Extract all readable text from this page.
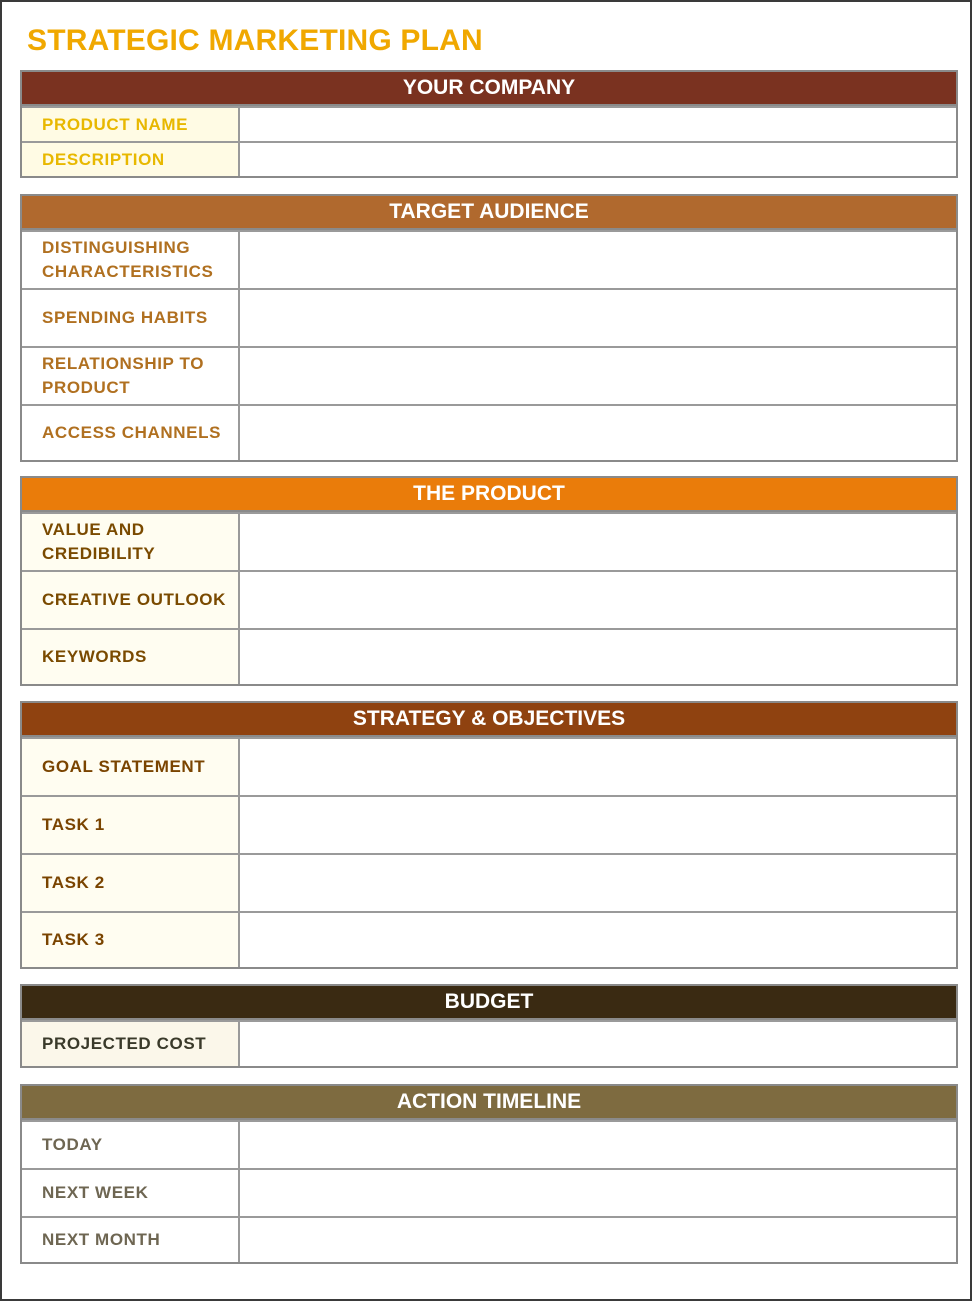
STRATEGIC MARKETING PLAN
YOUR COMPANY
PRODUCT NAME
DESCRIPTION
TARGET AUDIENCE
DISTINGUISHING
CHARACTERISTICS
SPENDING HABITS
RELATIONSHIP TO
PRODUCT
ACCESS CHANNELS
THE PRODUCT
VALUE AND
CREDIBILITY
CREATIVE OUTLOOK
KEYWORDS
STRATEGY & OBJECTIVES
GOAL STATEMENT
TASK 1
TASK 2
TASK 3
BUDGET
PROJECTED COST
ACTION TIMELINE
TODAY
NEXT WEEK
NEXT MONTH
